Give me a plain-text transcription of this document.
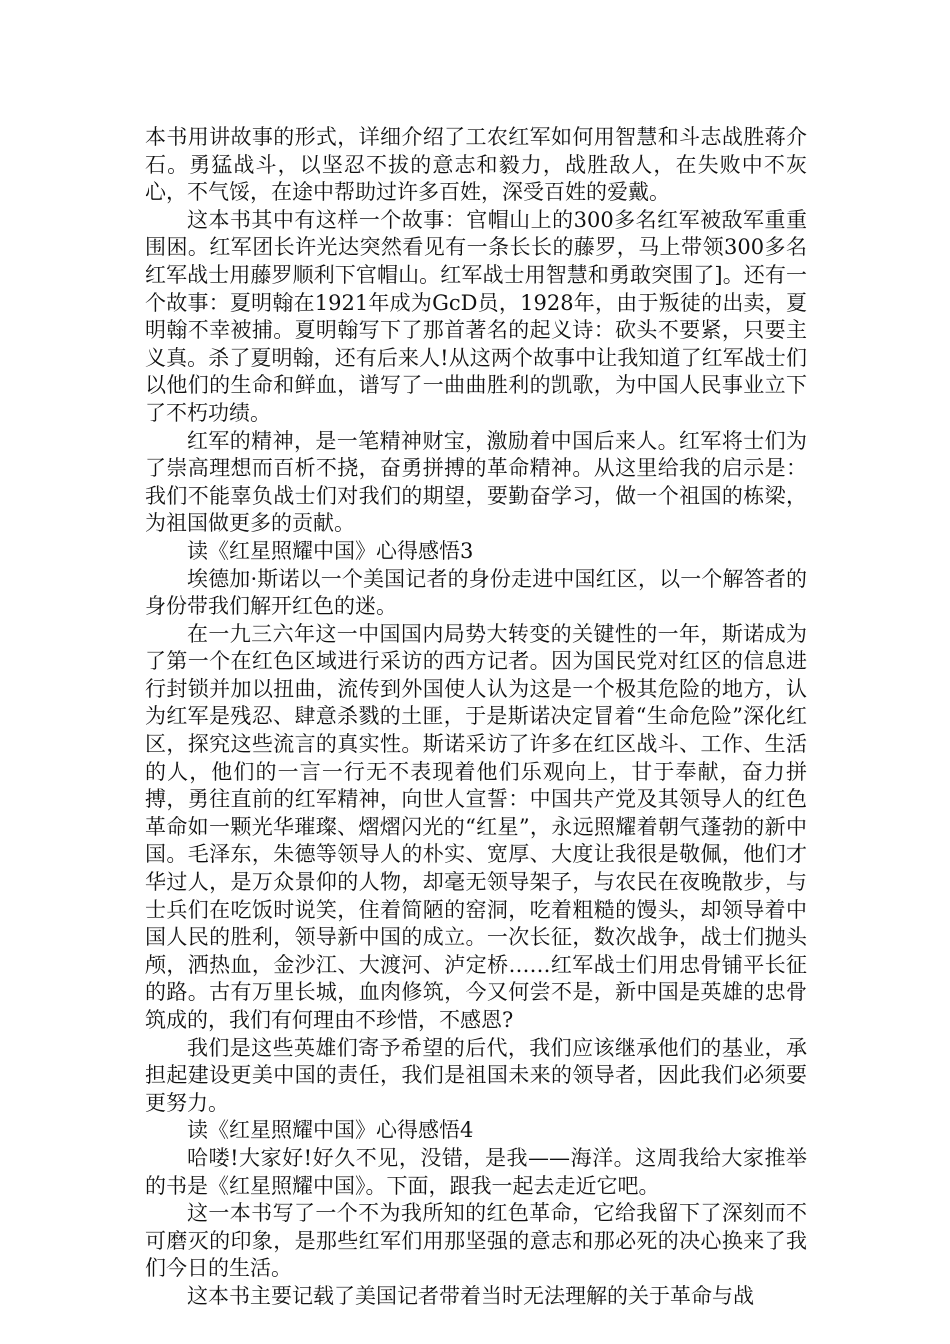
本书用讲故事的形式，详细介绍了工农红军如何用智慧和斗志战胜蒋介石。勇猛战斗，以坚忍不拔的意志和毅力，战胜敌人，在失败中不灰心，不气馁，在途中帮助过许多百姓，深受百姓的爱戴。

这本书其中有这样一个故事：官帽山上的300多名红军被敌军重重围困。红军团长许光达突然看见有一条长长的藤罗，马上带领300多名红军战士用藤罗顺利下官帽山。红军战士用智慧和勇敢突围了]。还有一个故事：夏明翰在1921年成为GcD员，1928年，由于叛徒的出卖，夏明翰不幸被捕。夏明翰写下了那首著名的起义诗：砍头不要紧，只要主义真。杀了夏明翰，还有后来人!从这两个故事中让我知道了红军战士们以他们的生命和鲜血，谱写了一曲曲胜利的凯歌，为中国人民事业立下了不朽功绩。

红军的精神，是一笔精神财宝，激励着中国后来人。红军将士们为了崇高理想而百析不挠，奋勇拼搏的革命精神。从这里给我的启示是：我们不能辜负战士们对我们的期望，要勤奋学习，做一个祖国的栋梁，为祖国做更多的贡献。

读《红星照耀中国》心得感悟3

埃德加·斯诺以一个美国记者的身份走进中国红区，以一个解答者的身份带我们解开红色的迷。

在一九三六年这一中国国内局势大转变的关键性的一年，斯诺成为了第一个在红色区域进行采访的西方记者。因为国民党对红区的信息进行封锁并加以扭曲，流传到外国使人认为这是一个极其危险的地方，认为红军是残忍、肆意杀戮的土匪，于是斯诺决定冒着“生命危险”深化红区，探究这些流言的真实性。斯诺采访了许多在红区战斗、工作、生活的人，他们的一言一行无不表现着他们乐观向上，甘于奉献，奋力拼搏，勇往直前的红军精神，向世人宣誓：中国共产党及其领导人的红色革命如一颗光华璀璨、熠熠闪光的“红星”，永远照耀着朝气蓬勃的新中国。毛泽东，朱德等领导人的朴实、宽厚、大度让我很是敬佩，他们才华过人，是万众景仰的人物，却毫无领导架子，与农民在夜晚散步，与士兵们在吃饭时说笑，住着简陋的窑洞，吃着粗糙的馒头，却领导着中国人民的胜利，领导新中国的成立。一次长征，数次战争，战士们抛头颅，洒热血，金沙江、大渡河、泸定桥……红军战士们用忠骨铺平长征的路。古有万里长城，血肉修筑，今又何尝不是，新中国是英雄的忠骨筑成的，我们有何理由不珍惜，不感恩?

我们是这些英雄们寄予希望的后代，我们应该继承他们的基业，承担起建设更美中国的责任，我们是祖国未来的领导者，因此我们必须要更努力。

读《红星照耀中国》心得感悟4

哈喽!大家好!好久不见，没错，是我——海洋。这周我给大家推举的书是《红星照耀中国》。下面，跟我一起去走近它吧。

这一本书写了一个不为我所知的红色革命，它给我留下了深刻而不可磨灭的印象，是那些红军们用那坚强的意志和那必死的决心换来了我们今日的生活。

这本书主要记载了美国记者带着当时无法理解的关于革命与战
